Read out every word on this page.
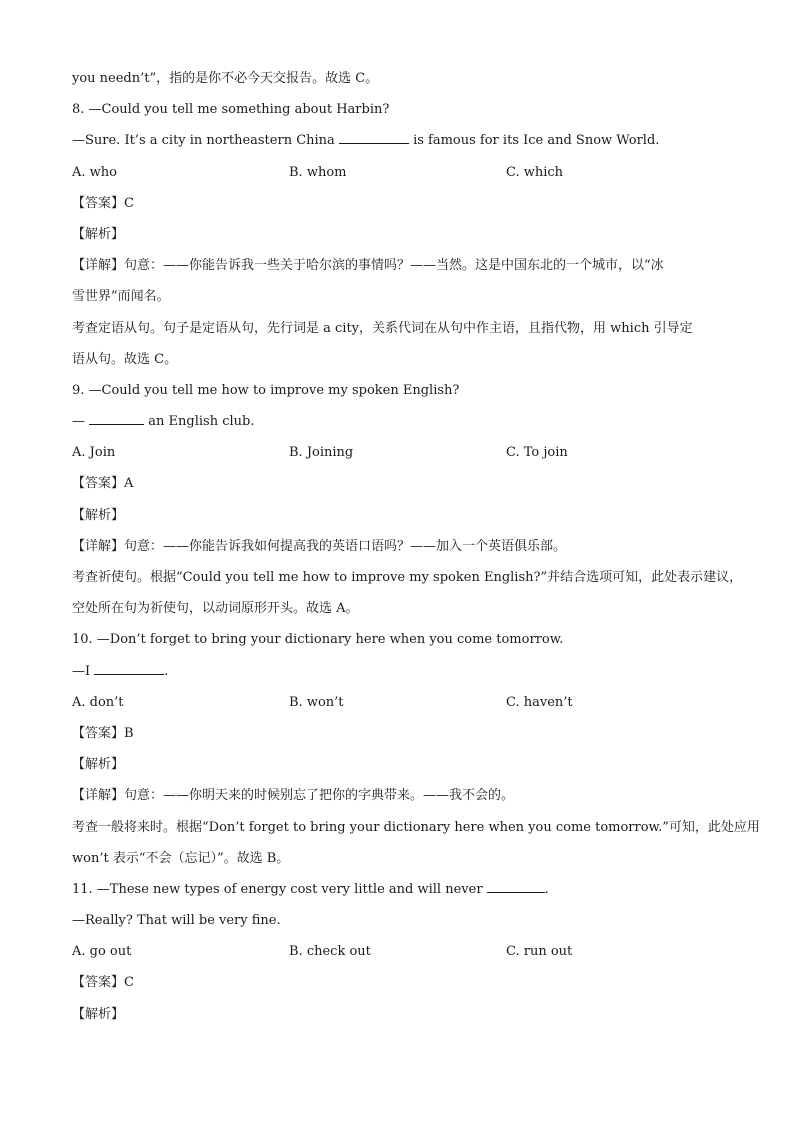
you needn’t”，指的是你不必今天交报告。故选 C。
8. —Could you tell me something about Harbin?
—Sure. It’s a city in northeastern China	is famous for its Ice and Snow World.
A. who	B. whom	C. which
【答案】C
【解析】
【详解】句意：——你能告诉我一些关于哈尔滨的事情吗？——当然。这是中国东北的一个城市，以“冰
雪世界”而闻名。
考查定语从句。句子是定语从句，先行词是 a city，关系代词在从句中作主语，且指代物，用 which 引导定
语从句。故选 C。
9. —Could you tell me how to improve my spoken English?
—	an English club.
A. Join	B. Joining	C. To join
【答案】A
【解析】
【详解】句意：——你能告诉我如何提高我的英语口语吗？——加入一个英语俱乐部。
考查祈使句。根据“Could you tell me how to improve my spoken English?”并结合选项可知，此处表示建议，
空处所在句为祈使句，以动词原形开头。故选 A。
10. —Don’t forget to bring your dictionary here when you come tomorrow.
—I	.
A. don’t	B. won’t	C. haven’t
【答案】B
【解析】
【详解】句意：——你明天来的时候别忘了把你的字典带来。——我不会的。
考查一般将来时。根据“Don’t forget to bring your dictionary here when you come tomorrow.”可知，此处应用
won’t 表示“不会（忘记）”。故选 B。
11. —These new types of energy cost very little and will never	.
—Really? That will be very fine.
A. go out	B. check out	C. run out
【答案】C
【解析】
